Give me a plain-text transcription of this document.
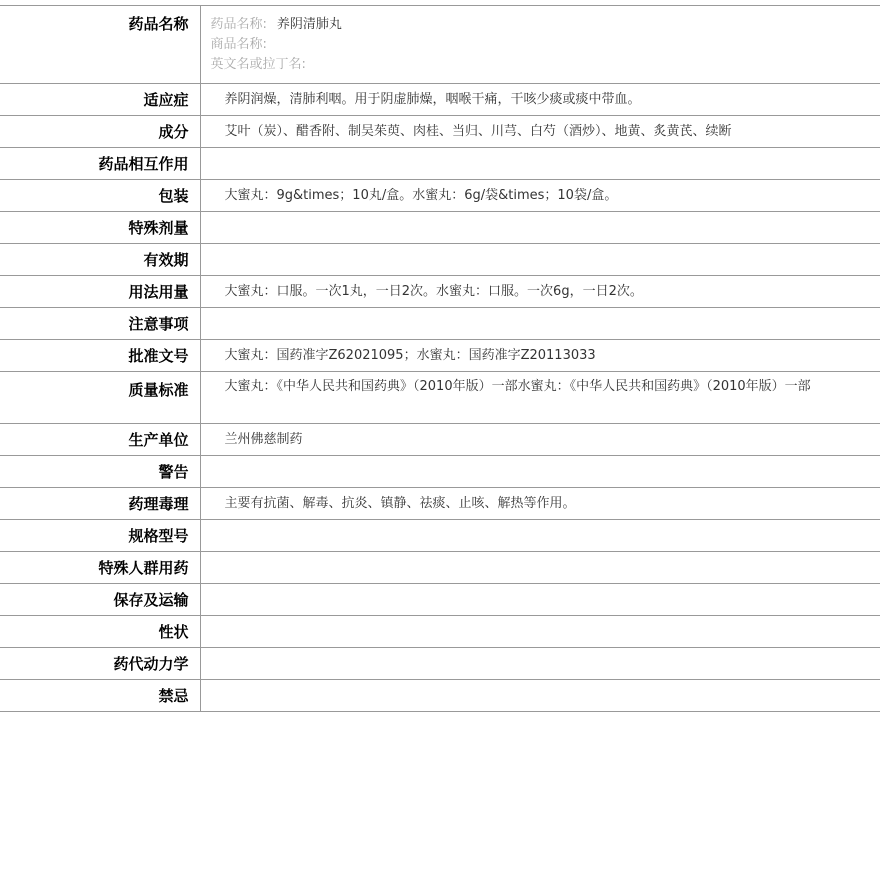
药品名称	药品名称: 养阴清肺丸
商品名称:
英文名或拉丁名:

适应症	养阴润燥，清肺利咽。用于阴虚肺燥，咽喉干痛，干咳少痰或痰中带血。
成分	艾叶（炭）、醋香附、制吴茱萸、肉桂、当归、川芎、白芍（酒炒）、地黄、炙黄芪、续断
药品相互作用	
包装	大蜜丸：9g&times；10丸/盒。水蜜丸：6g/袋&times；10袋/盒。
特殊剂量	
有效期	
用法用量	大蜜丸：口服。一次1丸，一日2次。水蜜丸：口服。一次6g，一日2次。
注意事项	
批准文号	大蜜丸：国药准字Z62021095；水蜜丸：国药准字Z20113033
质量标准	大蜜丸：《中华人民共和国药典》（2010年版）一部水蜜丸：《中华人民共和国药典》（2010年版）一部
生产单位	兰州佛慈制药
警告	
药理毒理	主要有抗菌、解毒、抗炎、镇静、祛痰、止咳、解热等作用。
规格型号	
特殊人群用药	
保存及运输	
性状	
药代动力学	
禁忌	
